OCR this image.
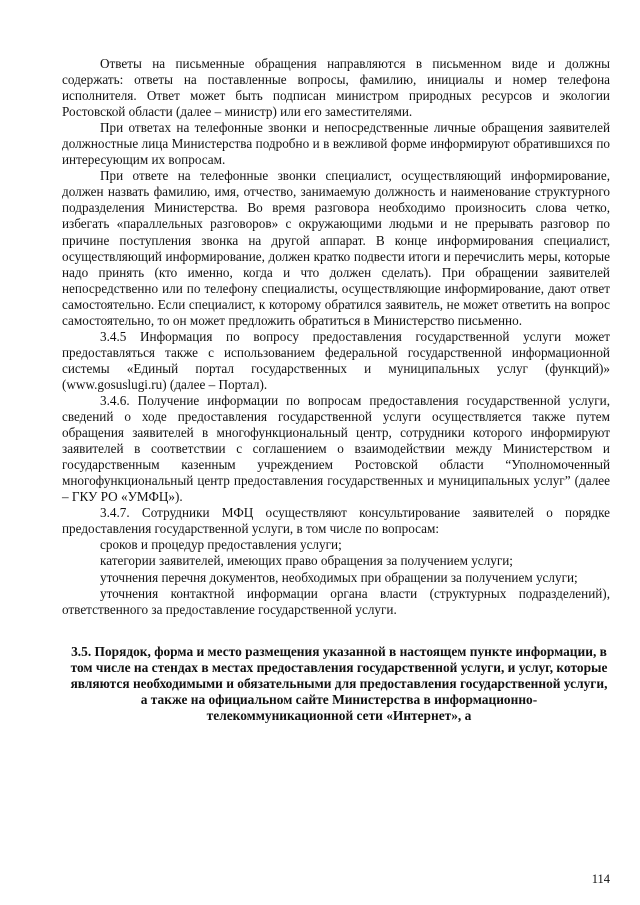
Ответы на письменные обращения направляются в письменном виде и должны содержать: ответы на поставленные вопросы, фамилию, инициалы и номер телефона исполнителя. Ответ может быть подписан министром природных ресурсов и экологии Ростовской области (далее – министр) или его заместителями.

При ответах на телефонные звонки и непосредственные личные обращения заявителей должностные лица Министерства подробно и в вежливой форме информируют обратившихся по интересующим их вопросам.

При ответе на телефонные звонки специалист, осуществляющий информирование, должен назвать фамилию, имя, отчество, занимаемую должность и наименование структурного подразделения Министерства. Во время разговора необходимо произносить слова четко, избегать «параллельных разговоров» с окружающими людьми и не прерывать разговор по причине поступления звонка на другой аппарат. В конце информирования специалист, осуществляющий информирование, должен кратко подвести итоги и перечислить меры, которые надо принять (кто именно, когда и что должен сделать). При обращении заявителей непосредственно или по телефону специалисты, осуществляющие информирование, дают ответ самостоятельно. Если специалист, к которому обратился заявитель, не может ответить на вопрос самостоятельно, то он может предложить обратиться в Министерство письменно.

3.4.5 Информация по вопросу предоставления государственной услуги может предоставляться также с использованием федеральной государственной информационной системы «Единый портал государственных и муниципальных услуг (функций)» (www.gosuslugi.ru) (далее – Портал).

3.4.6. Получение информации по вопросам предоставления государственной услуги, сведений о ходе предоставления государственной услуги осуществляется также путем обращения заявителей в многофункциональный центр, сотрудники которого информируют заявителей в соответствии с соглашением о взаимодействии между Министерством и государственным казенным учреждением Ростовской области “Уполномоченный многофункциональный центр предоставления государственных и муниципальных услуг” (далее – ГКУ РО «УМФЦ»).

3.4.7. Сотрудники МФЦ осуществляют консультирование заявителей о порядке предоставления государственной услуги, в том числе по вопросам:

сроков и процедур предоставления услуги;

категории заявителей, имеющих право обращения за получением услуги;

уточнения перечня документов, необходимых при обращении за получением услуги;

уточнения контактной информации органа власти (структурных подразделений), ответственного за предоставление государственной услуги.

3.5. Порядок, форма и место размещения указанной в настоящем пункте информации, в том числе на стендах в местах предоставления государственной услуги, и услуг, которые являются необходимыми и обязательными для предоставления государственной услуги, а также на официальном сайте Министерства в информационно-телекоммуникационной сети «Интернет», а
114
